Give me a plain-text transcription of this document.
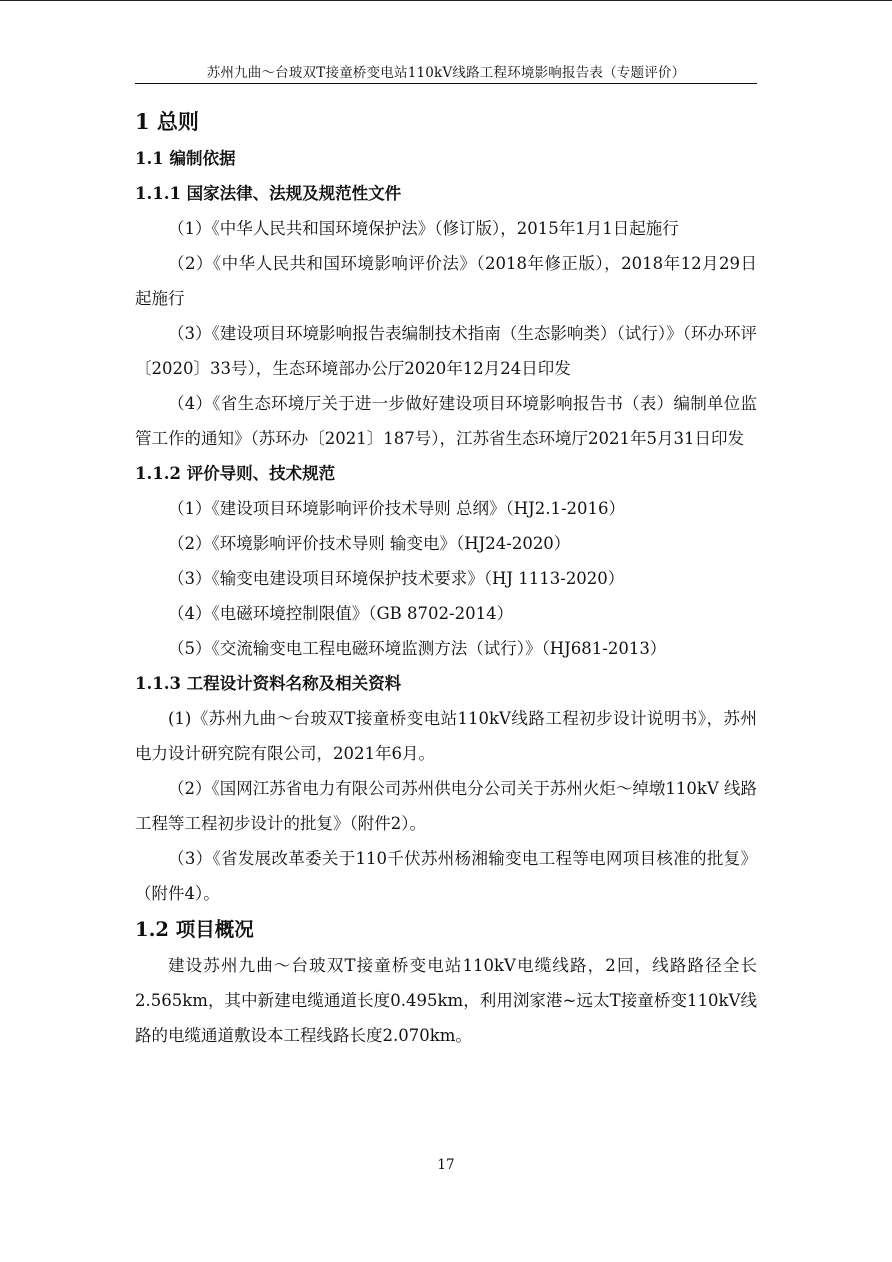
苏州九曲～台玻双T接童桥变电站110kV线路工程环境影响报告表（专题评价）
1 总则
1.1 编制依据
1.1.1 国家法律、法规及规范性文件

（1）《中华人民共和国环境保护法》（修订版），2015年1月1日起施行

（2）《中华人民共和国环境影响评价法》（2018年修正版），2018年12月29日起施行

（3）《建设项目环境影响报告表编制技术指南（生态影响类）（试行）》（环办环评〔2020〕33号），生态环境部办公厅2020年12月24日印发

（4）《省生态环境厅关于进一步做好建设项目环境影响报告书（表）编制单位监管工作的通知》（苏环办〔2021〕187号），江苏省生态环境厅2021年5月31日印发

1.1.2 评价导则、技术规范

（1）《建设项目环境影响评价技术导则 总纲》（HJ2.1-2016）

（2）《环境影响评价技术导则 输变电》（HJ24-2020）

（3）《输变电建设项目环境保护技术要求》（HJ 1113-2020）

（4）《电磁环境控制限值》（GB 8702-2014）

（5）《交流输变电工程电磁环境监测方法（试行）》（HJ681-2013）

1.1.3 工程设计资料名称及相关资料

(1)《苏州九曲～台玻双T接童桥变电站110kV线路工程初步设计说明书》，苏州电力设计研究院有限公司，2021年6月。

（2）《国网江苏省电力有限公司苏州供电分公司关于苏州火炬～绰墩110kV 线路工程等工程初步设计的批复》（附件2）。

（3）《省发展改革委关于110千伏苏州杨湘输变电工程等电网项目核准的批复》（附件4）。

1.2 项目概况

建设苏州九曲～台玻双T接童桥变电站110kV电缆线路，2回，线路路径全长2.565km，其中新建电缆通道长度0.495km，利用浏家港~远太T接童桥变110kV线路的电缆通道敷设本工程线路长度2.070km。

17
